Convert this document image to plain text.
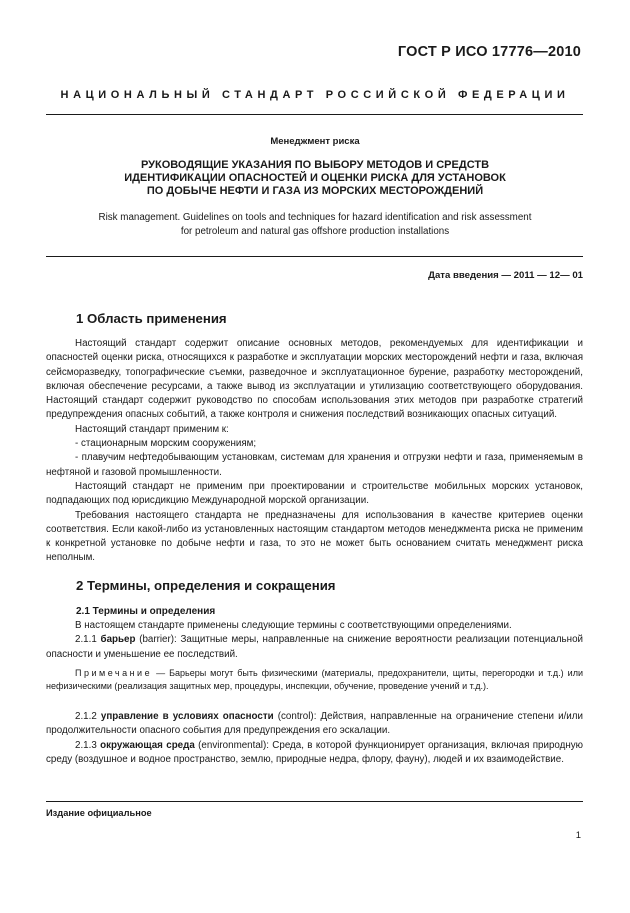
ГОСТ Р ИСО 17776—2010
НАЦИОНАЛЬНЫЙ СТАНДАРТ РОССИЙСКОЙ ФЕДЕРАЦИИ
Менеджмент риска
РУКОВОДЯЩИЕ УКАЗАНИЯ ПО ВЫБОРУ МЕТОДОВ И СРЕДСТВ
ИДЕНТИФИКАЦИИ ОПАСНОСТЕЙ И ОЦЕНКИ РИСКА ДЛЯ УСТАНОВОК
ПО ДОБЫЧЕ НЕФТИ И ГАЗА ИЗ МОРСКИХ МЕСТОРОЖДЕНИЙ
Risk management. Guidelines on tools and techniques for hazard identification and risk assessment
for petroleum and natural gas offshore production installations
Дата введения — 2011 — 12— 01
1 Область применения

Настоящий стандарт содержит описание основных методов, рекомендуемых для идентификации и опасностей оценки риска, относящихся к разработке и эксплуатации морских месторождений нефти и газа, включая сейсморазведку, топографические съемки, разведочное и эксплуатационное бурение, разработку месторождений, включая обеспечение ресурсами, а также вывод из эксплуатации и утилизацию соответствующего оборудования. Настоящий стандарт содержит руководство по способам использования этих методов при разработке стратегий предупреждения опасных событий, а также контроля и снижения последствий возникающих опасных ситуаций.

Настоящий стандарт применим к:

- стационарным морским сооружениям;

- плавучим нефтедобывающим установкам, системам для хранения и отгрузки нефти и газа, применяемым в нефтяной и газовой промышленности.

Настоящий стандарт не применим при проектировании и строительстве мобильных морских установок, подпадающих под юрисдикцию Международной морской организации.

Требования настоящего стандарта не предназначены для использования в качестве критериев оценки соответствия. Если какой-либо из установленных настоящим стандартом методов менеджмента риска не применим к конкретной установке по добыче нефти и газа, то это не может быть основанием считать менеджмент риска неполным.

2 Термины, определения и сокращения
2.1 Термины и определения

В настоящем стандарте применены следующие термины с соответствующими определениями.

2.1.1 барьер (barrier): Защитные меры, направленные на снижение вероятности реализации потенциальной опасности и уменьшение ее последствий.

Примечание — Барьеры могут быть физическими (материалы, предохранители, щиты, перегородки и т.д.) или нефизическими (реализация защитных мер, процедуры, инспекции, обучение, проведение учений и т.д.).

2.1.2 управление в условиях опасности (control): Действия, направленные на ограничение степени и/или продолжительности опасного события для предупреждения его эскалации.

2.1.3 окружающая среда (environmental): Среда, в которой функционирует организация, включая природную среду (воздушное и водное пространство, землю, природные недра, флору, фауну), людей и их взаимодействие.

Издание официальное
1
